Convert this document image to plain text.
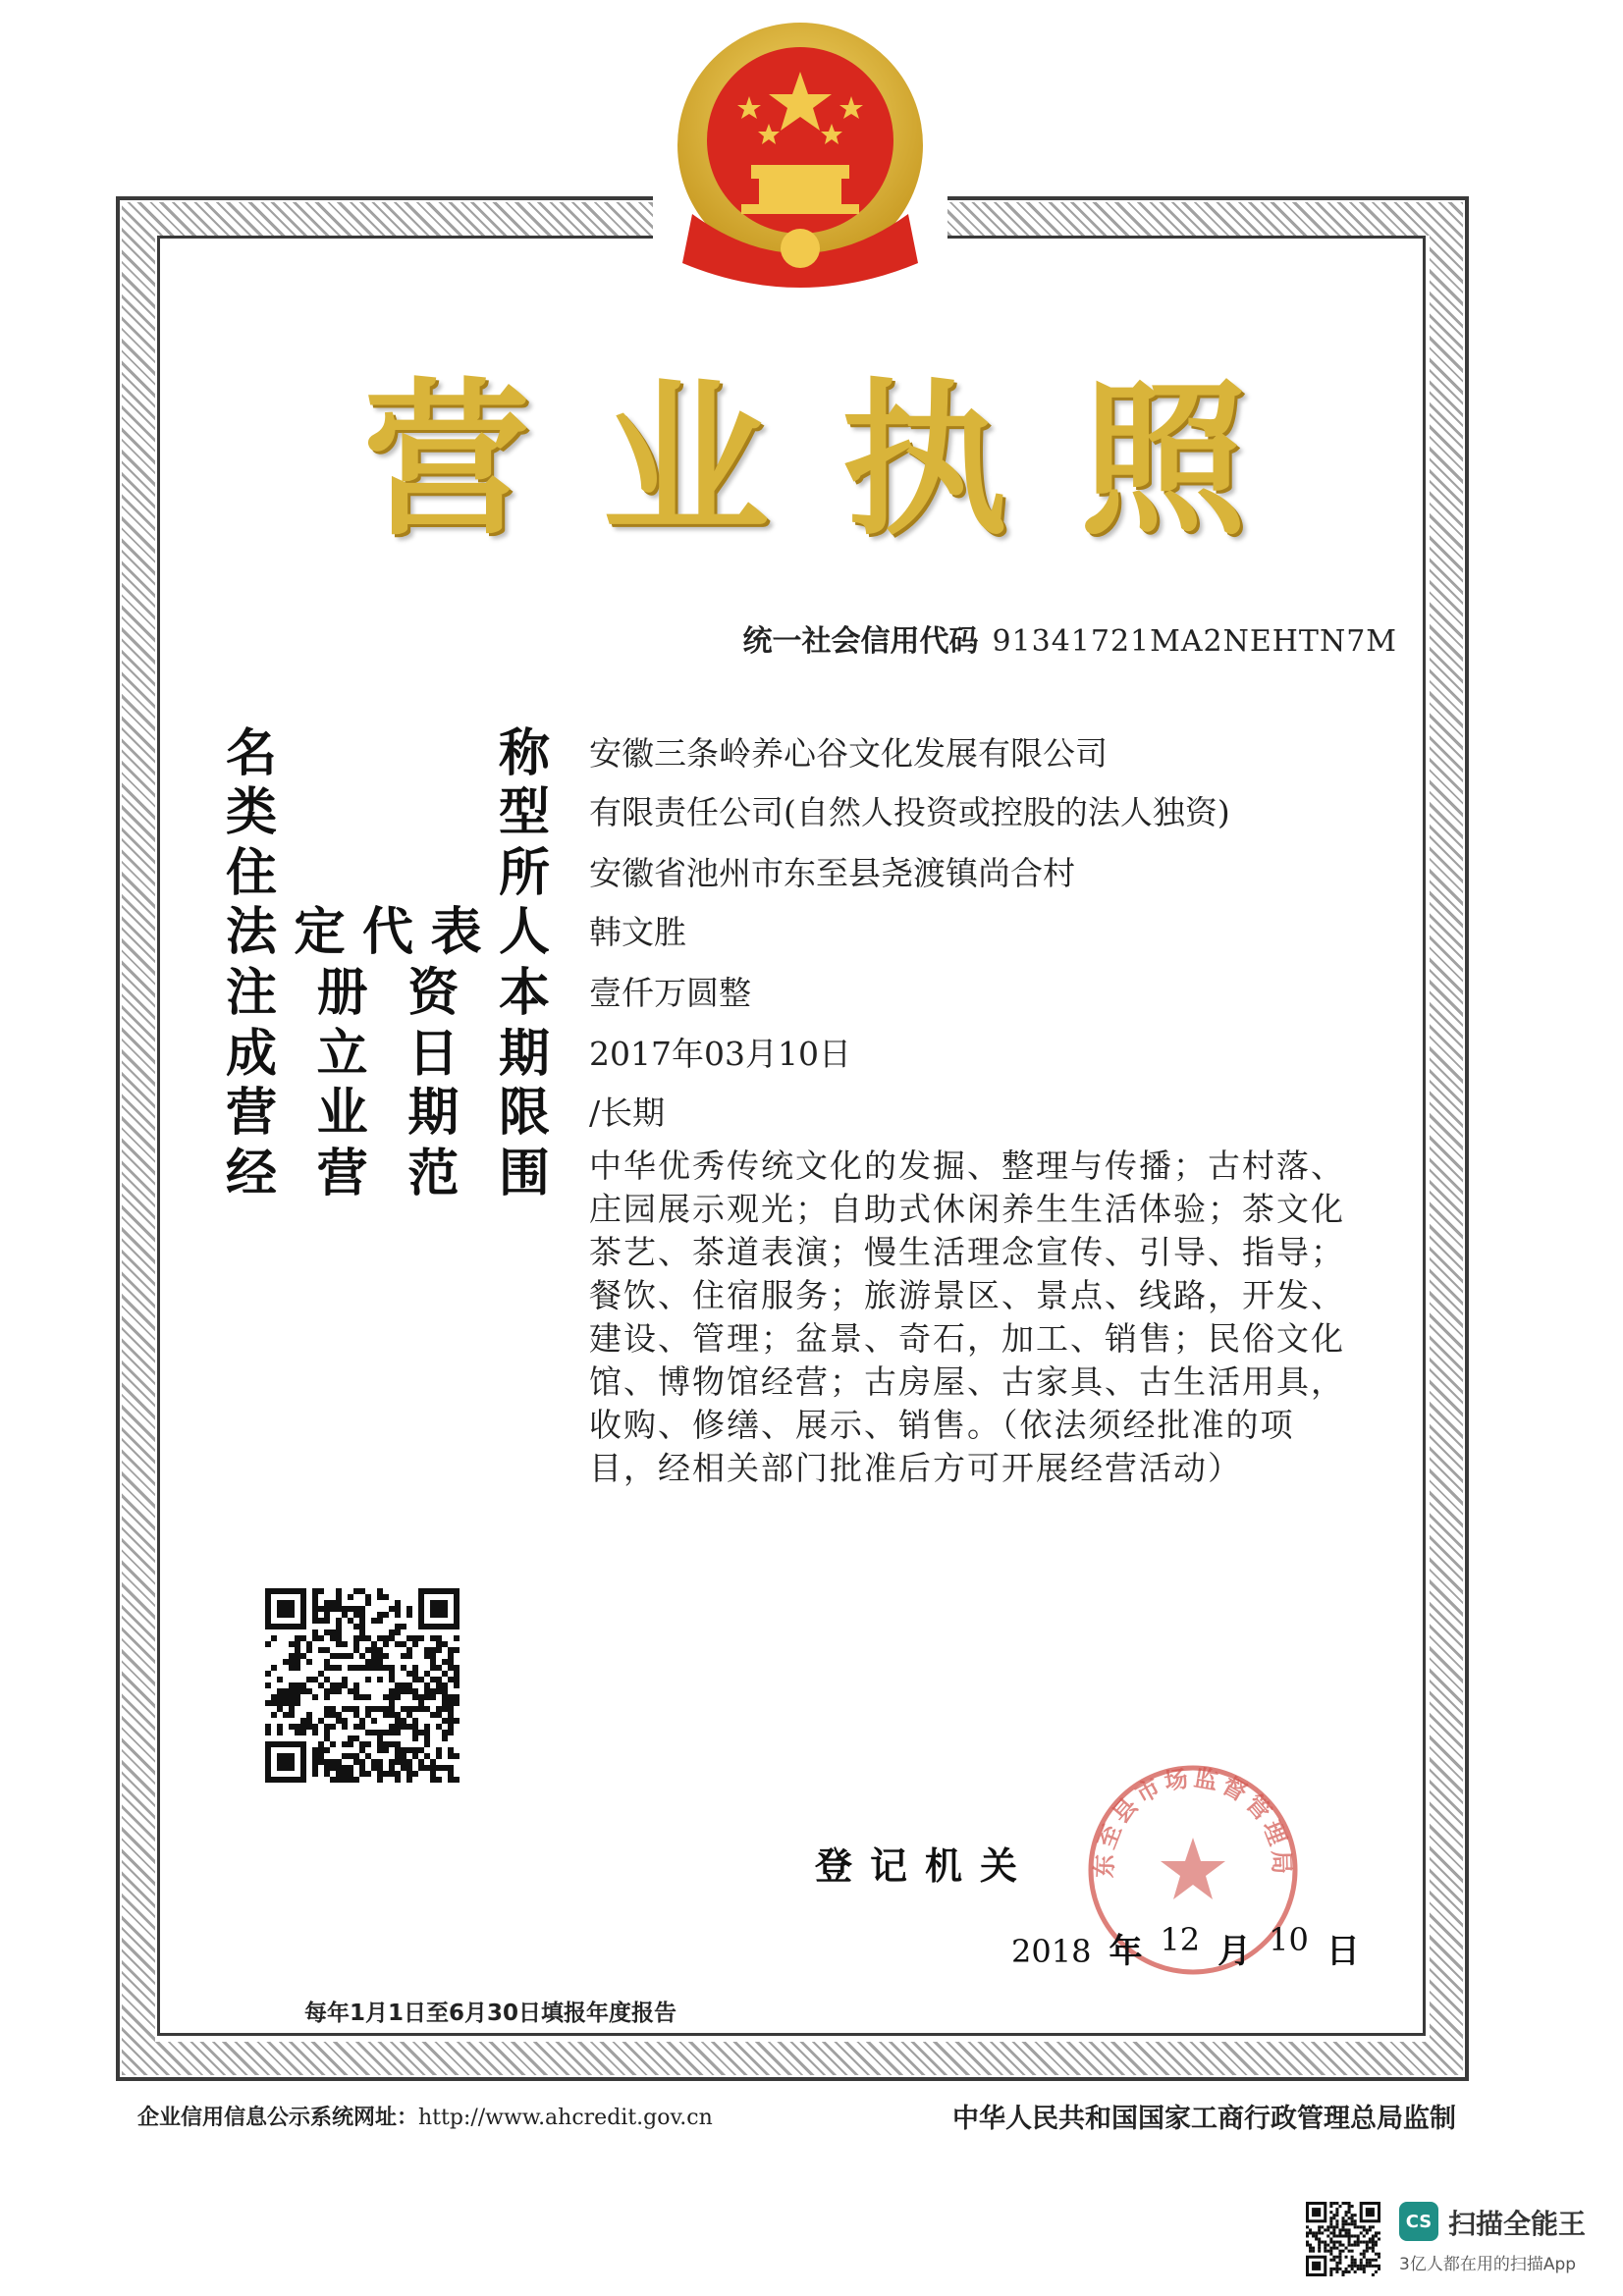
营 业 执 照
统一社会信用代码 91341721MA2NEHTN7M
名	称 安徽三条岭养心谷文化发展有限公司
类	型 有限责任公司(自然人投资或控股的法人独资)
住	所 安徽省池州市东至县尧渡镇尚合村
法 定 代 表 人 韩文胜
注 册 资 本 壹仟万圆整
成 立 日 期 2017年03月10日
营 业 期 限 /长期
经 营 范 围 中华优秀传统文化的发掘、整理与传播；古村落、
庄园展示观光；自助式休闲养生生活体验；茶文化
茶艺、茶道表演；慢生活理念宣传、引导、指导；
餐饮、住宿服务；旅游景区、景点、线路，开发、
建设、管理；盆景、奇石，加工、销售；民俗文化
馆、博物馆经营；古房屋、古家具、古生活用具，
收购、修缮、展示、销售。（依法须经批准的项
目，经相关部门批准后方可开展经营活动）
东至县市场监督管理局
登记机关
2018 年 12 月 10 日
每年1月1日至6月30日填报年度报告
企业信用信息公示系统网址：http://www.ahcredit.gov.cn	中华人民共和国国家工商行政管理总局监制
CS 扫描全能王
3亿人都在用的扫描App
